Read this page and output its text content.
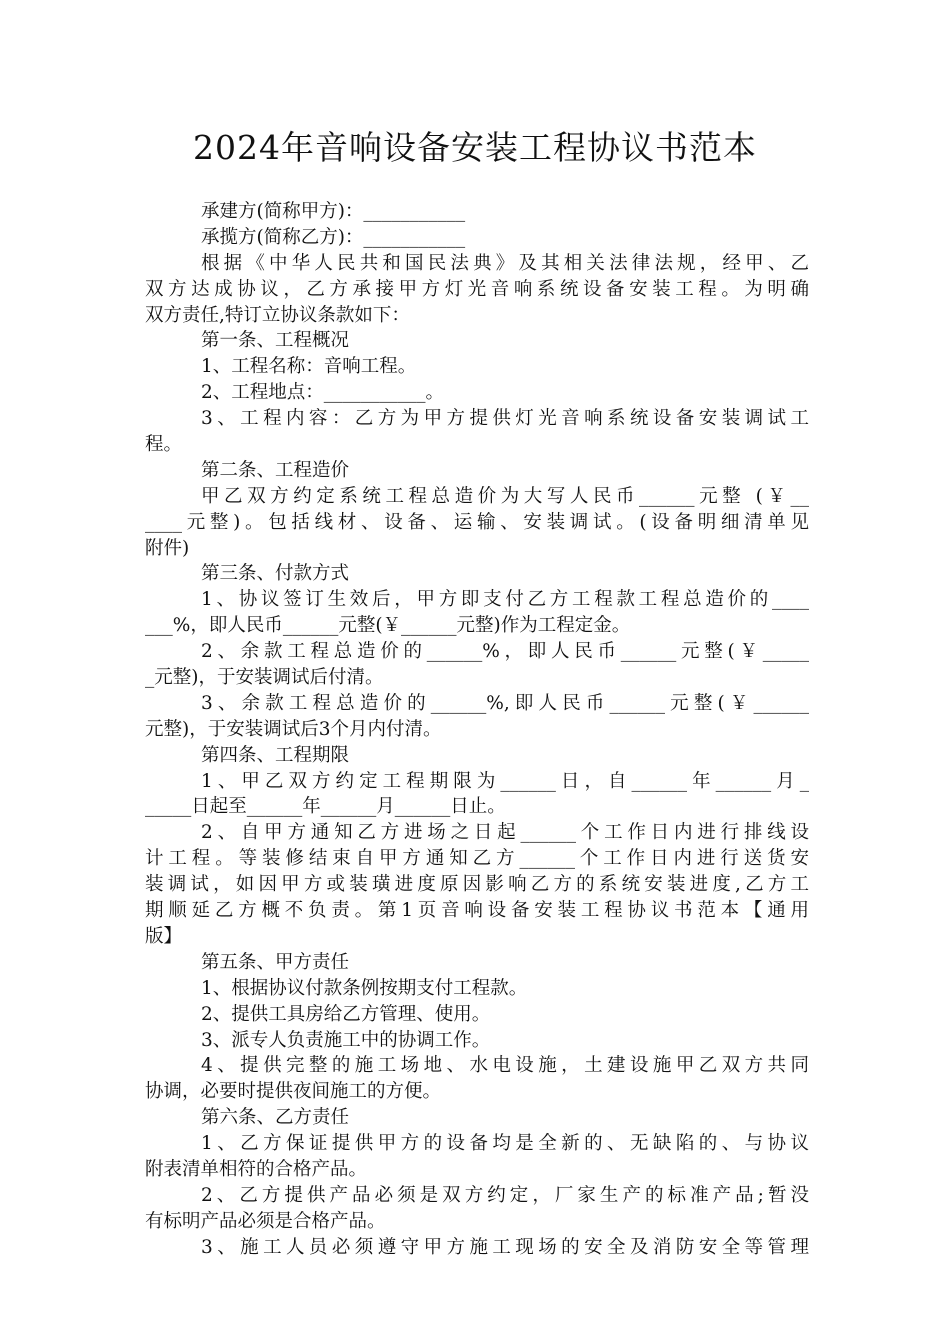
2024年音响设备安装工程协议书范本
承建方(简称甲方)：___________
承揽方(简称乙方)：___________
根据《中华人民共和国民法典》及其相关法律法规，经甲、乙
双方达成协议，乙方承接甲方灯光音响系统设备安装工程。为明确
双方责任,特订立协议条款如下：
第一条、工程概况
1、工程名称：音响工程。
2、工程地点：___________。
3、工程内容：乙方为甲方提供灯光音响系统设备安装调试工
程。
第二条、工程造价
甲乙双方约定系统工程总造价为大写人民币______元整 (￥__
____元整)。包括线材、设备、运输、安装调试。(设备明细清单见
附件)
第三条、付款方式
1、协议签订生效后，甲方即支付乙方工程款工程总造价的____
___%，即人民币______元整(￥______元整)作为工程定金。
2、余款工程总造价的______%，即人民币______元整(￥_____
_元整)，于安装调试后付清。
3、余款工程总造价的______%,即人民币______元整(￥______
元整)，于安装调试后3个月内付清。
第四条、工程期限
1、甲乙双方约定工程期限为______日，自______年______月_
_____日起至______年______月______日止。
2、自甲方通知乙方进场之日起______个工作日内进行排线设
计工程。等装修结束自甲方通知乙方______个工作日内进行送货安
装调试，如因甲方或装璜进度原因影响乙方的系统安装进度,乙方工
期顺延乙方概不负责。第1页音响设备安装工程协议书范本【通用
版】
第五条、甲方责任
1、根据协议付款条例按期支付工程款。
2、提供工具房给乙方管理、使用。
3、派专人负责施工中的协调工作。
4、提供完整的施工场地、水电设施，土建设施甲乙双方共同
协调，必要时提供夜间施工的方便。
第六条、乙方责任
1、乙方保证提供甲方的设备均是全新的、无缺陷的、与协议
附表清单相符的合格产品。
2、乙方提供产品必须是双方约定，厂家生产的标准产品;暂没
有标明产品必须是合格产品。
3、施工人员必须遵守甲方施工现场的安全及消防安全等管理
